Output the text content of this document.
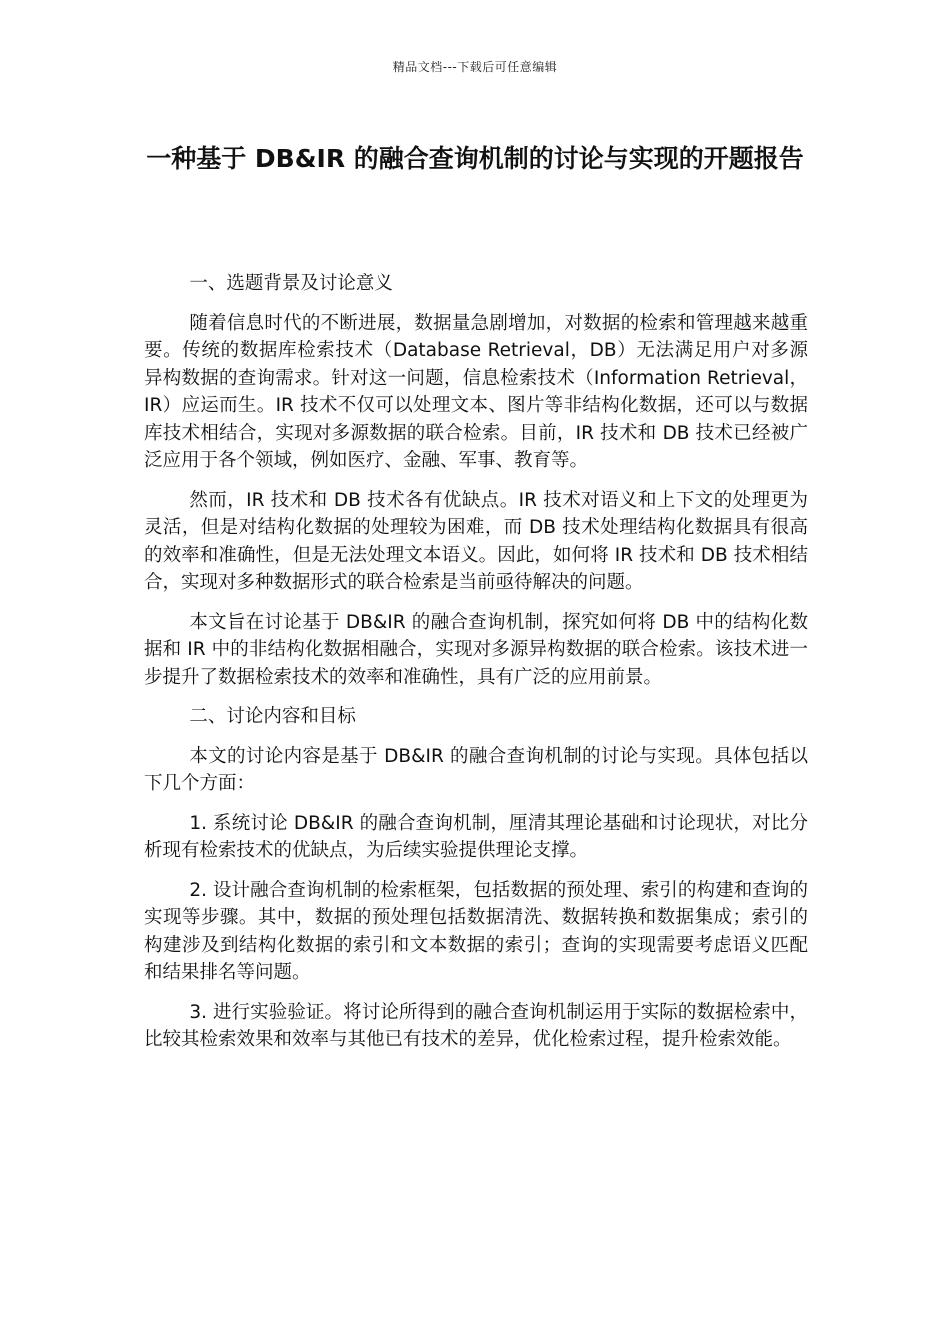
精品文档---下载后可任意编辑
一种基于 DB&IR 的融合查询机制的讨论与实现的开题报告

一、选题背景及讨论意义

随着信息时代的不断进展，数据量急剧增加，对数据的检索和管理越来越重要。传统的数据库检索技术（Database Retrieval，DB）无法满足用户对多源异构数据的查询需求。针对这一问题，信息检索技术（Information Retrieval，IR）应运而生。IR 技术不仅可以处理文本、图片等非结构化数据，还可以与数据库技术相结合，实现对多源数据的联合检索。目前，IR 技术和 DB 技术已经被广泛应用于各个领域，例如医疗、金融、军事、教育等。

然而，IR 技术和 DB 技术各有优缺点。IR 技术对语义和上下文的处理更为灵活，但是对结构化数据的处理较为困难，而 DB 技术处理结构化数据具有很高的效率和准确性，但是无法处理文本语义。因此，如何将 IR 技术和 DB 技术相结合，实现对多种数据形式的联合检索是当前亟待解决的问题。

本文旨在讨论基于 DB&IR 的融合查询机制，探究如何将 DB 中的结构化数据和 IR 中的非结构化数据相融合，实现对多源异构数据的联合检索。该技术进一步提升了数据检索技术的效率和准确性，具有广泛的应用前景。

二、讨论内容和目标

本文的讨论内容是基于 DB&IR 的融合查询机制的讨论与实现。具体包括以下几个方面：

1. 系统讨论 DB&IR 的融合查询机制，厘清其理论基础和讨论现状，对比分析现有检索技术的优缺点，为后续实验提供理论支撑。

2. 设计融合查询机制的检索框架，包括数据的预处理、索引的构建和查询的实现等步骤。其中，数据的预处理包括数据清洗、数据转换和数据集成；索引的构建涉及到结构化数据的索引和文本数据的索引；查询的实现需要考虑语义匹配和结果排名等问题。

3. 进行实验验证。将讨论所得到的融合查询机制运用于实际的数据检索中，比较其检索效果和效率与其他已有技术的差异，优化检索过程，提升检索效能。
